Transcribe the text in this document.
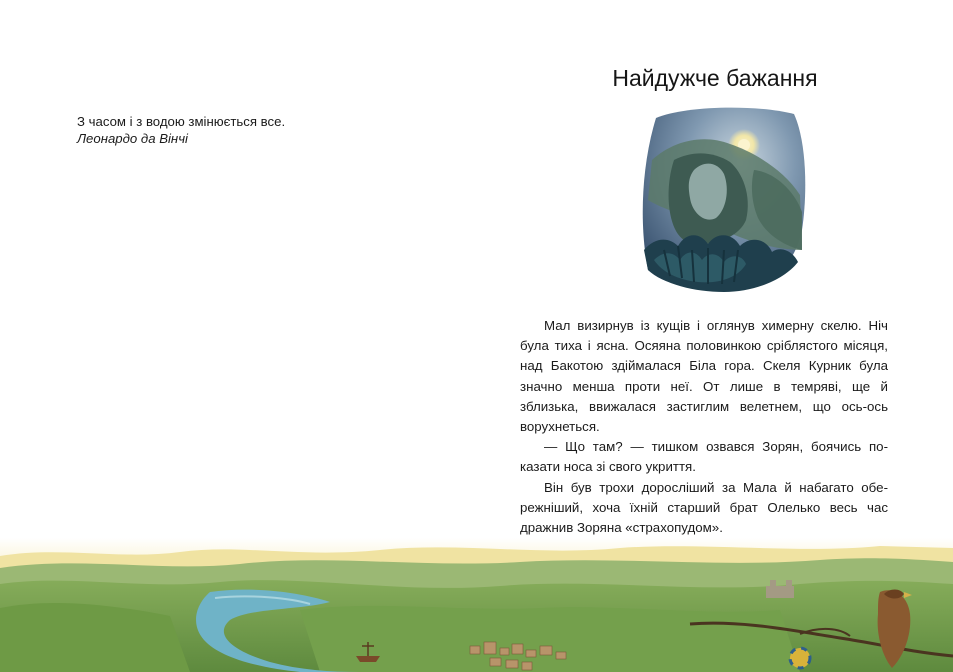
З часом і з водою змінюється все.
Леонардо да Вінчі
Найдужче бажання

Мал визирнув із кущів і оглянув химерну скелю. Ніч була тиха і ясна. Осяяна половинкою сріблястого місяця, над Бакотою здіймалася Біла гора. Скеля Курник була значно менша проти неї. От лише в темряві, ще й зблизька, ввижалася застиглим велетнем, що ось-ось ворухнеться.

— Що там? — тишком озвався Зорян, боячись показати носа зі свого укриття.

Він був трохи доросліший за Мала й набагато обережніший, хоча їхній старший брат Олелько весь час дражнив Зоряна «страхопудом».
